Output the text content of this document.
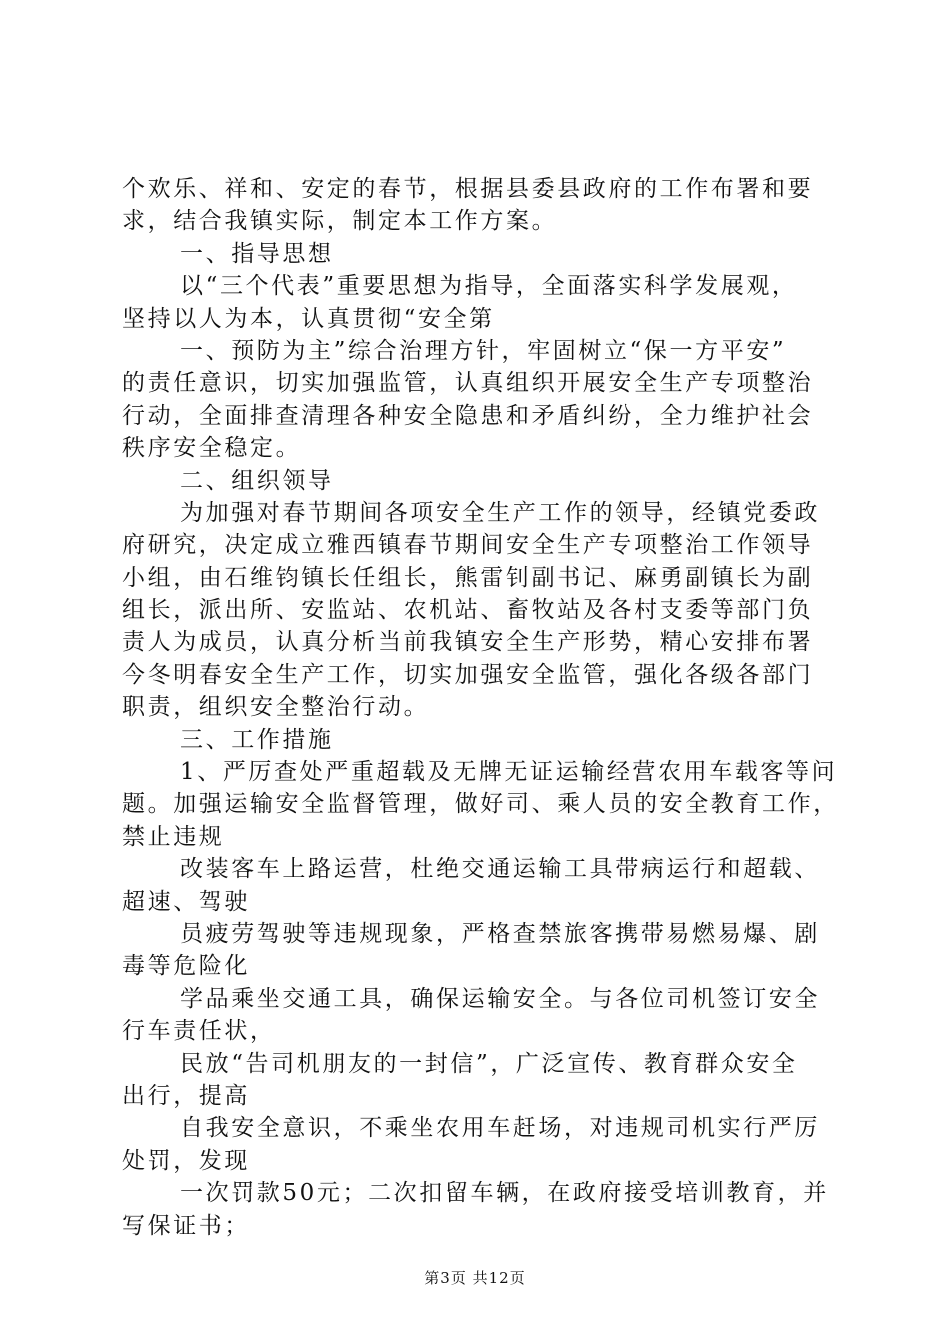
个欢乐、祥和、安定的春节，根据县委县政府的工作布署和要
求，结合我镇实际，制定本工作方案。
一、指导思想
以“三个代表”重要思想为指导，全面落实科学发展观，
坚持以人为本，认真贯彻“安全第
一、预防为主”综合治理方针，牢固树立“保一方平安”
的责任意识，切实加强监管，认真组织开展安全生产专项整治
行动，全面排查清理各种安全隐患和矛盾纠纷，全力维护社会
秩序安全稳定。
二、组织领导
为加强对春节期间各项安全生产工作的领导，经镇党委政
府研究，决定成立雅西镇春节期间安全生产专项整治工作领导
小组，由石维钧镇长任组长，熊雷钊副书记、麻勇副镇长为副
组长，派出所、安监站、农机站、畜牧站及各村支委等部门负
责人为成员，认真分析当前我镇安全生产形势，精心安排布署
今冬明春安全生产工作，切实加强安全监管，强化各级各部门
职责，组织安全整治行动。
三、工作措施
1、严厉查处严重超载及无牌无证运输经营农用车载客等问
题。加强运输安全监督管理，做好司、乘人员的安全教育工作，
禁止违规
改装客车上路运营，杜绝交通运输工具带病运行和超载、
超速、驾驶
员疲劳驾驶等违规现象，严格查禁旅客携带易燃易爆、剧
毒等危险化
学品乘坐交通工具，确保运输安全。与各位司机签订安全
行车责任状，
民放“告司机朋友的一封信”，广泛宣传、教育群众安全
出行，提高
自我安全意识，不乘坐农用车赶场，对违规司机实行严厉
处罚，发现
一次罚款50元；二次扣留车辆，在政府接受培训教育，并
写保证书；
第3页 共12页
